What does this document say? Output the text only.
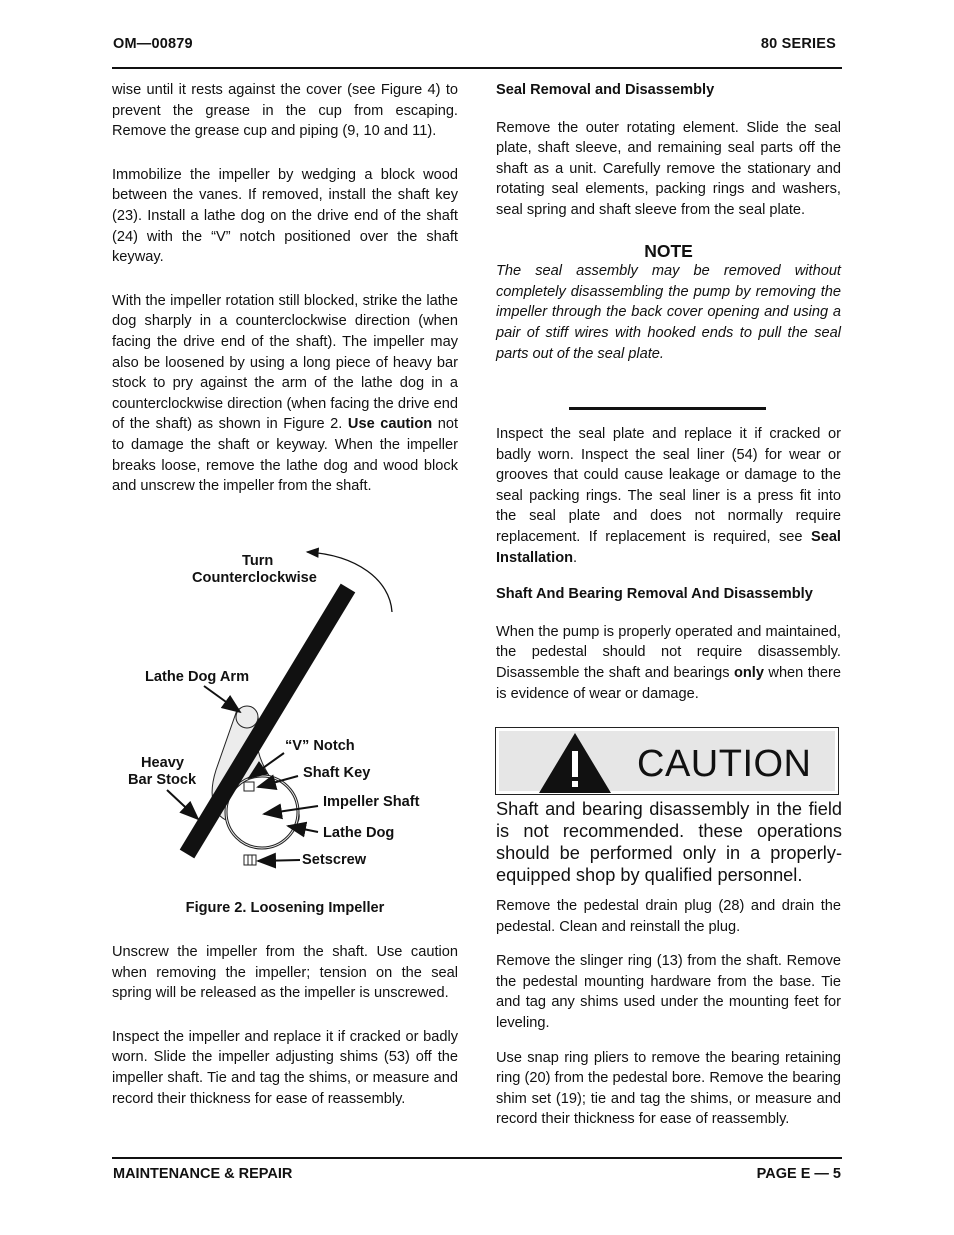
OM—00879	80 SERIES

wise until it rests against the cover (see Figure 4) to prevent the grease in the cup from escaping. Remove the grease cup and piping (9, 10 and 11).

Immobilize the impeller by wedging a block wood between the vanes. If removed, install the shaft key (23). Install a lathe dog on the drive end of the shaft (24) with the “V” notch positioned over the shaft keyway.

With the impeller rotation still blocked, strike the lathe dog sharply in a counterclockwise direction (when facing the drive end of the shaft). The impeller may also be loosened by using a long piece of heavy bar stock to pry against the arm of the lathe dog in a counterclockwise direction (when facing the drive end of the shaft) as shown in Figure 2. Use caution not to damage the shaft or keyway. When the impeller breaks loose, remove the lathe dog and wood block and unscrew the impeller from the shaft.

Turn
Counterclockwise
Lathe Dog Arm
“V” Notch
Heavy
Bar Stock	Shaft Key
Impeller Shaft
Lathe Dog
Setscrew
Figure 2. Loosening Impeller

Unscrew the impeller from the shaft. Use caution when removing the impeller; tension on the seal spring will be released as the impeller is unscrewed.

Inspect the impeller and replace it if cracked or badly worn. Slide the impeller adjusting shims (53) off the impeller shaft. Tie and tag the shims, or measure and record their thickness for ease of reassembly.

Seal Removal and Disassembly

Remove the outer rotating element. Slide the seal plate, shaft sleeve, and remaining seal parts off the shaft as a unit. Carefully remove the stationary and rotating seal elements, packing rings and washers, seal spring and shaft sleeve from the seal plate.

NOTE

The seal assembly may be removed without completely disassembling the pump by removing the impeller through the back cover opening and using a pair of stiff wires with hooked ends to pull the seal parts out of the seal plate.

Inspect the seal plate and replace it if cracked or badly worn. Inspect the seal liner (54) for wear or grooves that could cause leakage or damage to the seal packing rings. The seal liner is a press fit into the seal plate and does not normally require replacement. If replacement is required, see Seal Installation.

Shaft And Bearing Removal And Disassembly

When the pump is properly operated and maintained, the pedestal should not require disassembly. Disassemble the shaft and bearings only when there is evidence of wear or damage.

CAUTION
Shaft and bearing disassembly in the field is not recommended. these operations should be performed only in a properly-equipped shop by qualified personnel.

Remove the pedestal drain plug (28) and drain the pedestal. Clean and reinstall the plug.

Remove the slinger ring (13) from the shaft. Remove the pedestal mounting hardware from the base. Tie and tag any shims used under the mounting feet for leveling.

Use snap ring pliers to remove the bearing retaining ring (20) from the pedestal bore. Remove the bearing shim set (19); tie and tag the shims, or measure and record their thickness for ease of reassembly.

MAINTENANCE & REPAIR	PAGE E — 5
